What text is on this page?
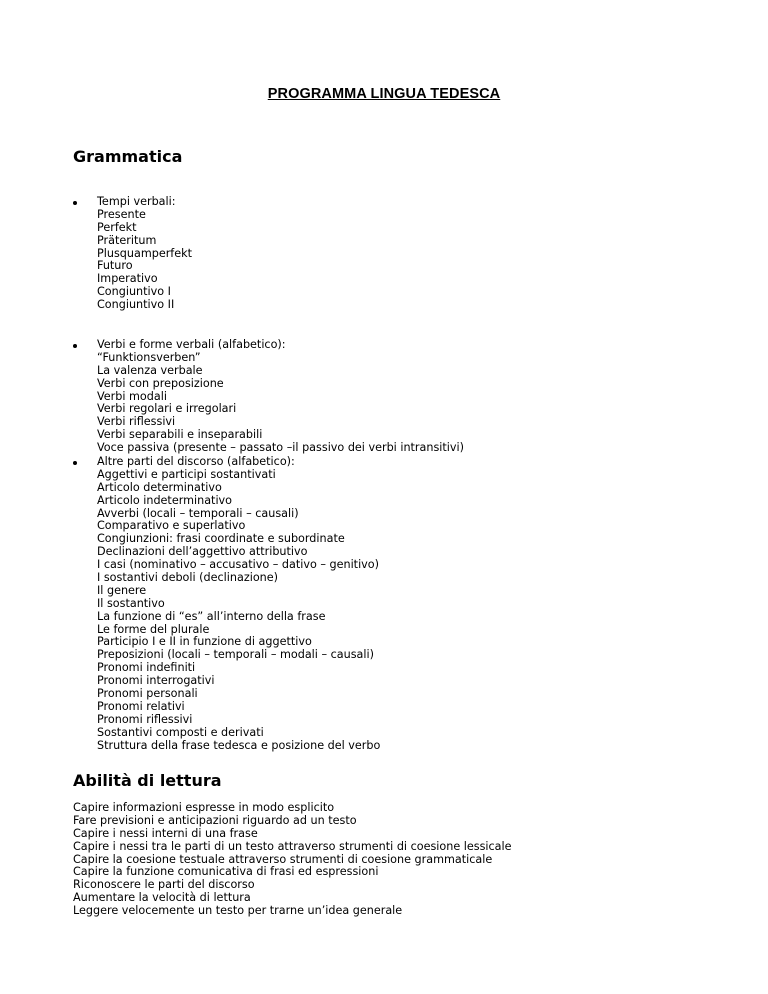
PROGRAMMA LINGUA TEDESCA
Grammatica
Tempi verbali:
Presente
Perfekt
Präteritum
Plusquamperfekt
Futuro
Imperativo
Congiuntivo I
Congiuntivo II
Verbi e forme verbali (alfabetico):
“Funktionsverben”
La valenza verbale
Verbi con preposizione
Verbi modali
Verbi regolari e irregolari
Verbi riflessivi
Verbi separabili e inseparabili
Voce passiva (presente – passato –il passivo dei verbi intransitivi)
Altre parti del discorso (alfabetico):
Aggettivi e participi sostantivati
Articolo determinativo
Articolo indeterminativo
Avverbi (locali – temporali – causali)
Comparativo e superlativo
Congiunzioni: frasi coordinate e subordinate
Declinazioni dell’aggettivo attributivo
I casi (nominativo – accusativo – dativo – genitivo)
I sostantivi deboli (declinazione)
Il genere
Il sostantivo
La funzione di “es” all’interno della frase
Le forme del plurale
Participio I e II in funzione di aggettivo
Preposizioni (locali – temporali – modali – causali)
Pronomi indefiniti
Pronomi interrogativi
Pronomi personali
Pronomi relativi
Pronomi riflessivi
Sostantivi composti e derivati
Struttura della frase tedesca e posizione del verbo
Abilità di lettura
Capire informazioni espresse in modo esplicito
Fare previsioni e anticipazioni riguardo ad un testo
Capire i nessi interni di una frase
Capire i nessi tra le parti di un testo attraverso strumenti di coesione lessicale
Capire la coesione testuale attraverso strumenti di coesione grammaticale
Capire la funzione comunicativa di frasi ed espressioni
Riconoscere le parti del discorso
Aumentare la velocità di lettura
Leggere velocemente un testo per trarne un’idea generale
